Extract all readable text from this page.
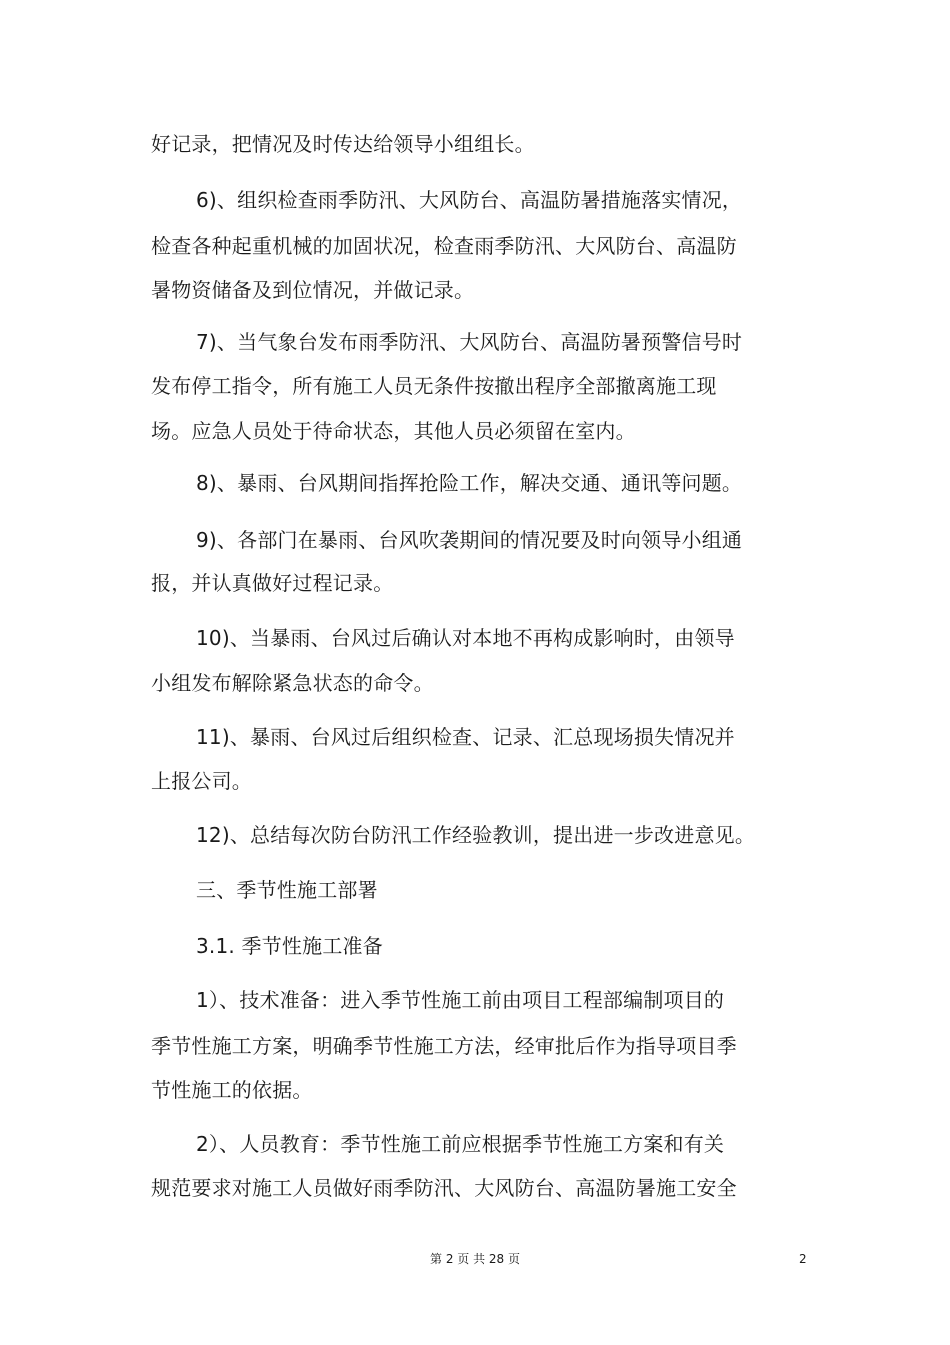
好记录，把情况及时传达给领导小组组长。
6)、组织检查雨季防汛、大风防台、高温防暑措施落实情况，
检查各种起重机械的加固状况，检查雨季防汛、大风防台、高温防
暑物资储备及到位情况，并做记录。
7)、当气象台发布雨季防汛、大风防台、高温防暑预警信号时
发布停工指令，所有施工人员无条件按撤出程序全部撤离施工现
场。应急人员处于待命状态，其他人员必须留在室内。
8)、暴雨、台风期间指挥抢险工作，解决交通、通讯等问题。
9)、各部门在暴雨、台风吹袭期间的情况要及时向领导小组通
报，并认真做好过程记录。
10)、当暴雨、台风过后确认对本地不再构成影响时，由领导
小组发布解除紧急状态的命令。
11)、暴雨、台风过后组织检查、记录、汇总现场损失情况并
上报公司。
12)、总结每次防台防汛工作经验教训，提出进一步改进意见。
三、季节性施工部署
3.1. 季节性施工准备
1）、技术准备：进入季节性施工前由项目工程部编制项目的
季节性施工方案，明确季节性施工方法，经审批后作为指导项目季
节性施工的依据。
2）、人员教育：季节性施工前应根据季节性施工方案和有关
规范要求对施工人员做好雨季防汛、大风防台、高温防暑施工安全
第 2 页 共 28 页	2
